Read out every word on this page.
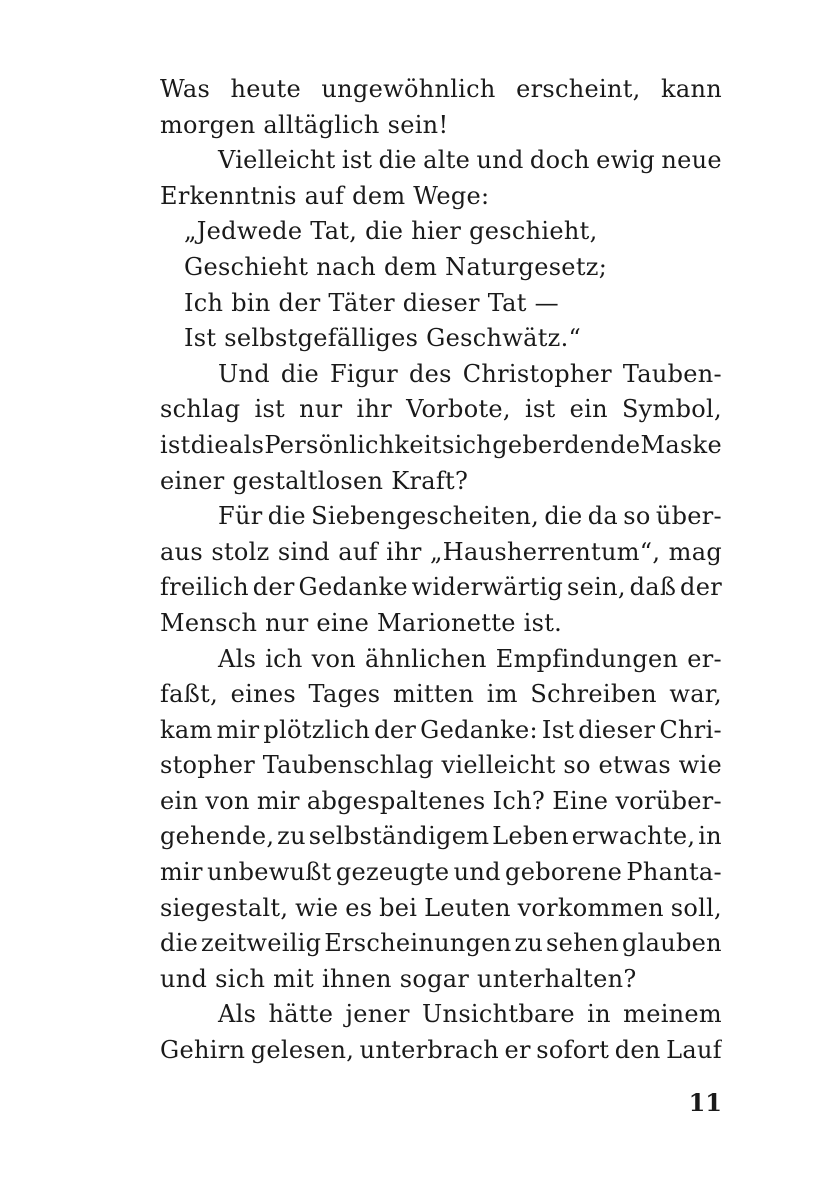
Was heute ungewöhnlich erscheint, kann
morgen alltäglich sein!
Vielleicht ist die alte und doch ewig neue
Erkenntnis auf dem Wege:
„Jedwede Tat, die hier geschieht,
Geschieht nach dem Naturgesetz;
Ich bin der Täter dieser Tat —
Ist selbstgefälliges Geschwätz.“
Und die Figur des Christopher Tauben-
schlag ist nur ihr Vorbote, ist ein Symbol,
ist die als Persönlichkeit sich geberdende Maske
einer gestaltlosen Kraft?
Für die Siebengescheiten, die da so über-
aus stolz sind auf ihr „Hausherrentum“, mag
freilich der Gedanke widerwärtig sein, daß der
Mensch nur eine Marionette ist.
Als ich von ähnlichen Empfindungen er-
faßt, eines Tages mitten im Schreiben war,
kam mir plötzlich der Gedanke: Ist dieser Chri-
stopher Taubenschlag vielleicht so etwas wie
ein von mir abgespaltenes Ich? Eine vorüber-
gehende, zu selbständigem Leben erwachte, in
mir unbewußt gezeugte und geborene Phanta-
siegestalt, wie es bei Leuten vorkommen soll,
die zeitweilig Erscheinungen zu sehen glauben
und sich mit ihnen sogar unterhalten?
Als hätte jener Unsichtbare in meinem
Gehirn gelesen, unterbrach er sofort den Lauf
11
